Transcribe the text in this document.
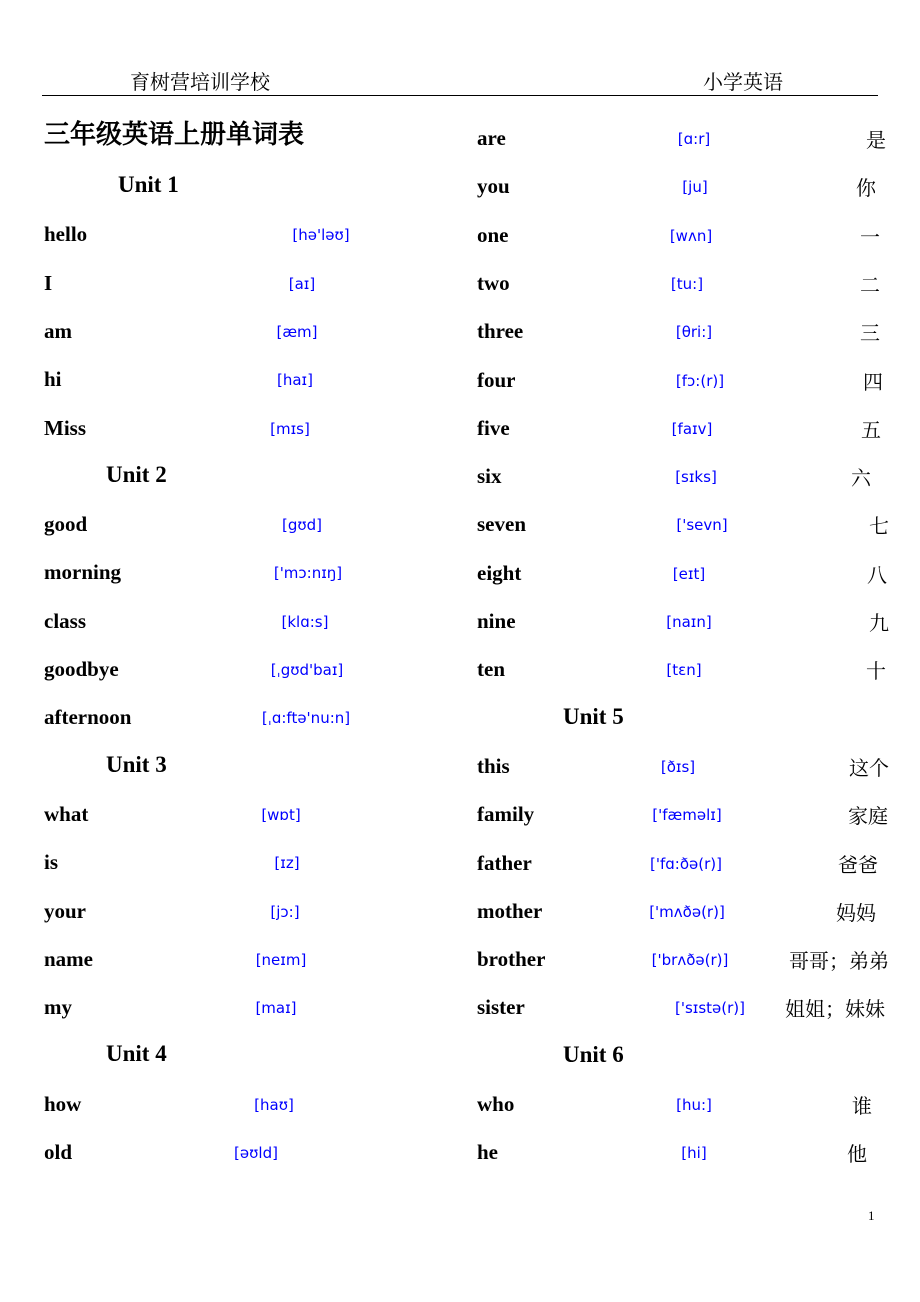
育树营培训学校	小学英语
三年级英语上册单词表
Unit 1
hello	[hə'ləʊ]
I	[aɪ]
am	[æm]
hi	[haɪ]
Miss	[mɪs]
Unit 2
good	[gʊd]
morning	['mɔ:nɪŋ]
class	[klɑ:s]
goodbye	[ˌgʊd'baɪ]
afternoon	[ˌɑ:ftə'nu:n]
Unit 3
what	[wɒt]
is	[ɪz]
your	[jɔ:]
name	[neɪm]
my	[maɪ]
Unit 4
how	[haʊ]
old	[əʊld]
are	[ɑ:r]	是
you	[ju]	你
one	[wʌn]	一
two	[tu:]	二
three	[θri:]	三
four	[fɔ:(r)]	四
five	[faɪv]	五
six	[sɪks]	六
seven	['sevn]	七
eight	[eɪt]	八
nine	[naɪn]	九
ten	[tɛn]	十
Unit 5
this	[ðɪs]	这个
family	['fæməlɪ]	家庭
father	['fɑ:ðə(r)]	爸爸
mother	['mʌðə(r)]	妈妈
brother	['brʌðə(r)]	哥哥；弟弟
sister	['sɪstə(r)] 姐姐；妹妹
Unit 6
who	[hu:]	谁
he	[hi]	他
1
